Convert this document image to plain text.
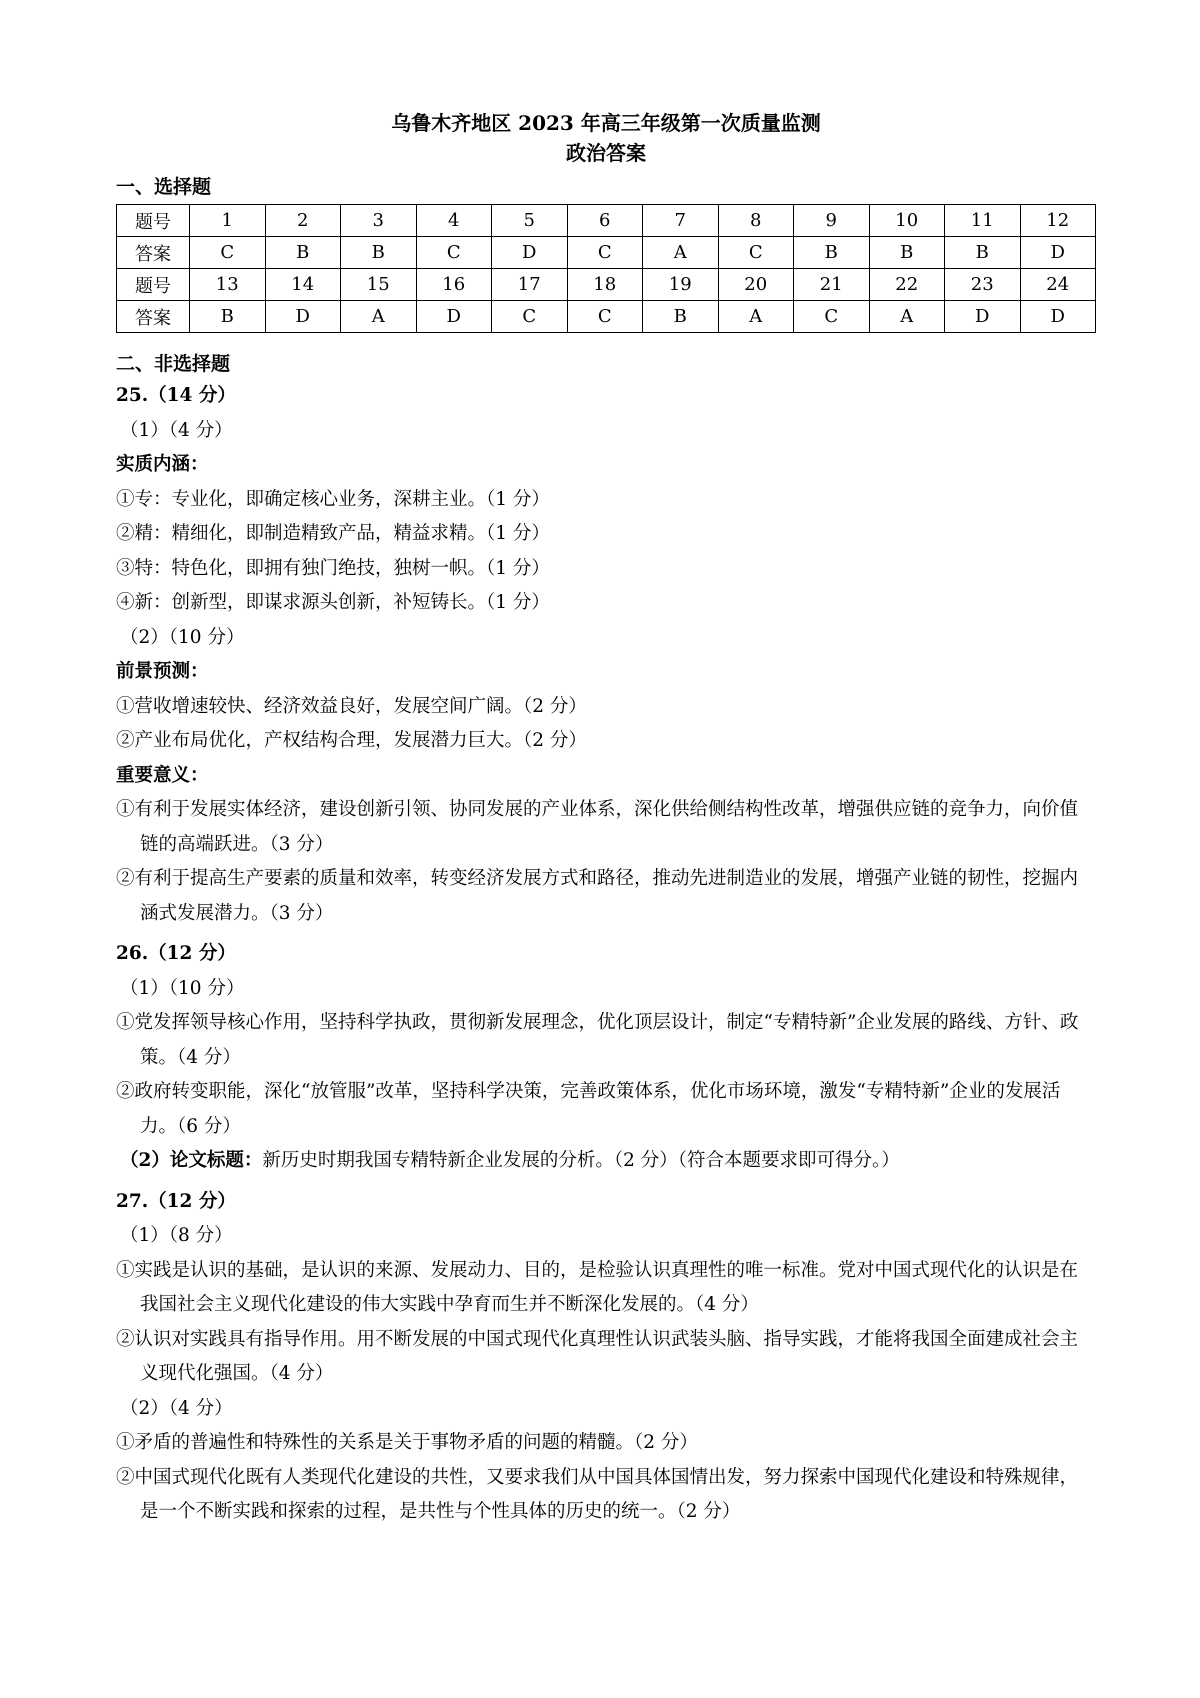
乌鲁木齐地区 2023 年高三年级第一次质量监测
政治答案
一、选择题
题号	1	2	3	4	5	6	7	8	9	10	11	12
答案	C	B	B	C	D	C	A	C	B	B	B	D
题号	13	14	15	16	17	18	19	20	21	22	23	24
答案	B	D	A	D	C	C	B	A	C	A	D	D
二、非选择题
25.（14 分）
（1）（4 分）
实质内涵：
①专：专业化，即确定核心业务，深耕主业。（1 分）
②精：精细化，即制造精致产品，精益求精。（1 分）
③特：特色化，即拥有独门绝技，独树一帜。（1 分）
④新：创新型，即谋求源头创新，补短铸长。（1 分）
（2）（10 分）
前景预测：
①营收增速较快、经济效益良好，发展空间广阔。（2 分）
②产业布局优化，产权结构合理，发展潜力巨大。（2 分）
重要意义：
①有利于发展实体经济，建设创新引领、协同发展的产业体系，深化供给侧结构性改革，增强供应链的竞争力，向价值链的高端跃进。（3 分）
②有利于提高生产要素的质量和效率，转变经济发展方式和路径，推动先进制造业的发展，增强产业链的韧性，挖掘内涵式发展潜力。（3 分）
26.（12 分）
（1）（10 分）
①党发挥领导核心作用，坚持科学执政，贯彻新发展理念，优化顶层设计，制定“专精特新”企业发展的路线、方针、政策。（4 分）
②政府转变职能，深化“放管服”改革，坚持科学决策，完善政策体系，优化市场环境，激发“专精特新”企业的发展活力。（6 分）
（2）论文标题：新历史时期我国专精特新企业发展的分析。（2 分）（符合本题要求即可得分。）
27.（12 分）
（1）（8 分）
①实践是认识的基础，是认识的来源、发展动力、目的，是检验认识真理性的唯一标准。党对中国式现代化的认识是在我国社会主义现代化建设的伟大实践中孕育而生并不断深化发展的。（4 分）
②认识对实践具有指导作用。用不断发展的中国式现代化真理性认识武装头脑、指导实践，才能将我国全面建成社会主义现代化强国。（4 分）
（2）（4 分）
①矛盾的普遍性和特殊性的关系是关于事物矛盾的问题的精髓。（2 分）
②中国式现代化既有人类现代化建设的共性，又要求我们从中国具体国情出发，努力探索中国现代化建设和特殊规律，是一个不断实践和探索的过程，是共性与个性具体的历史的统一。（2 分）
